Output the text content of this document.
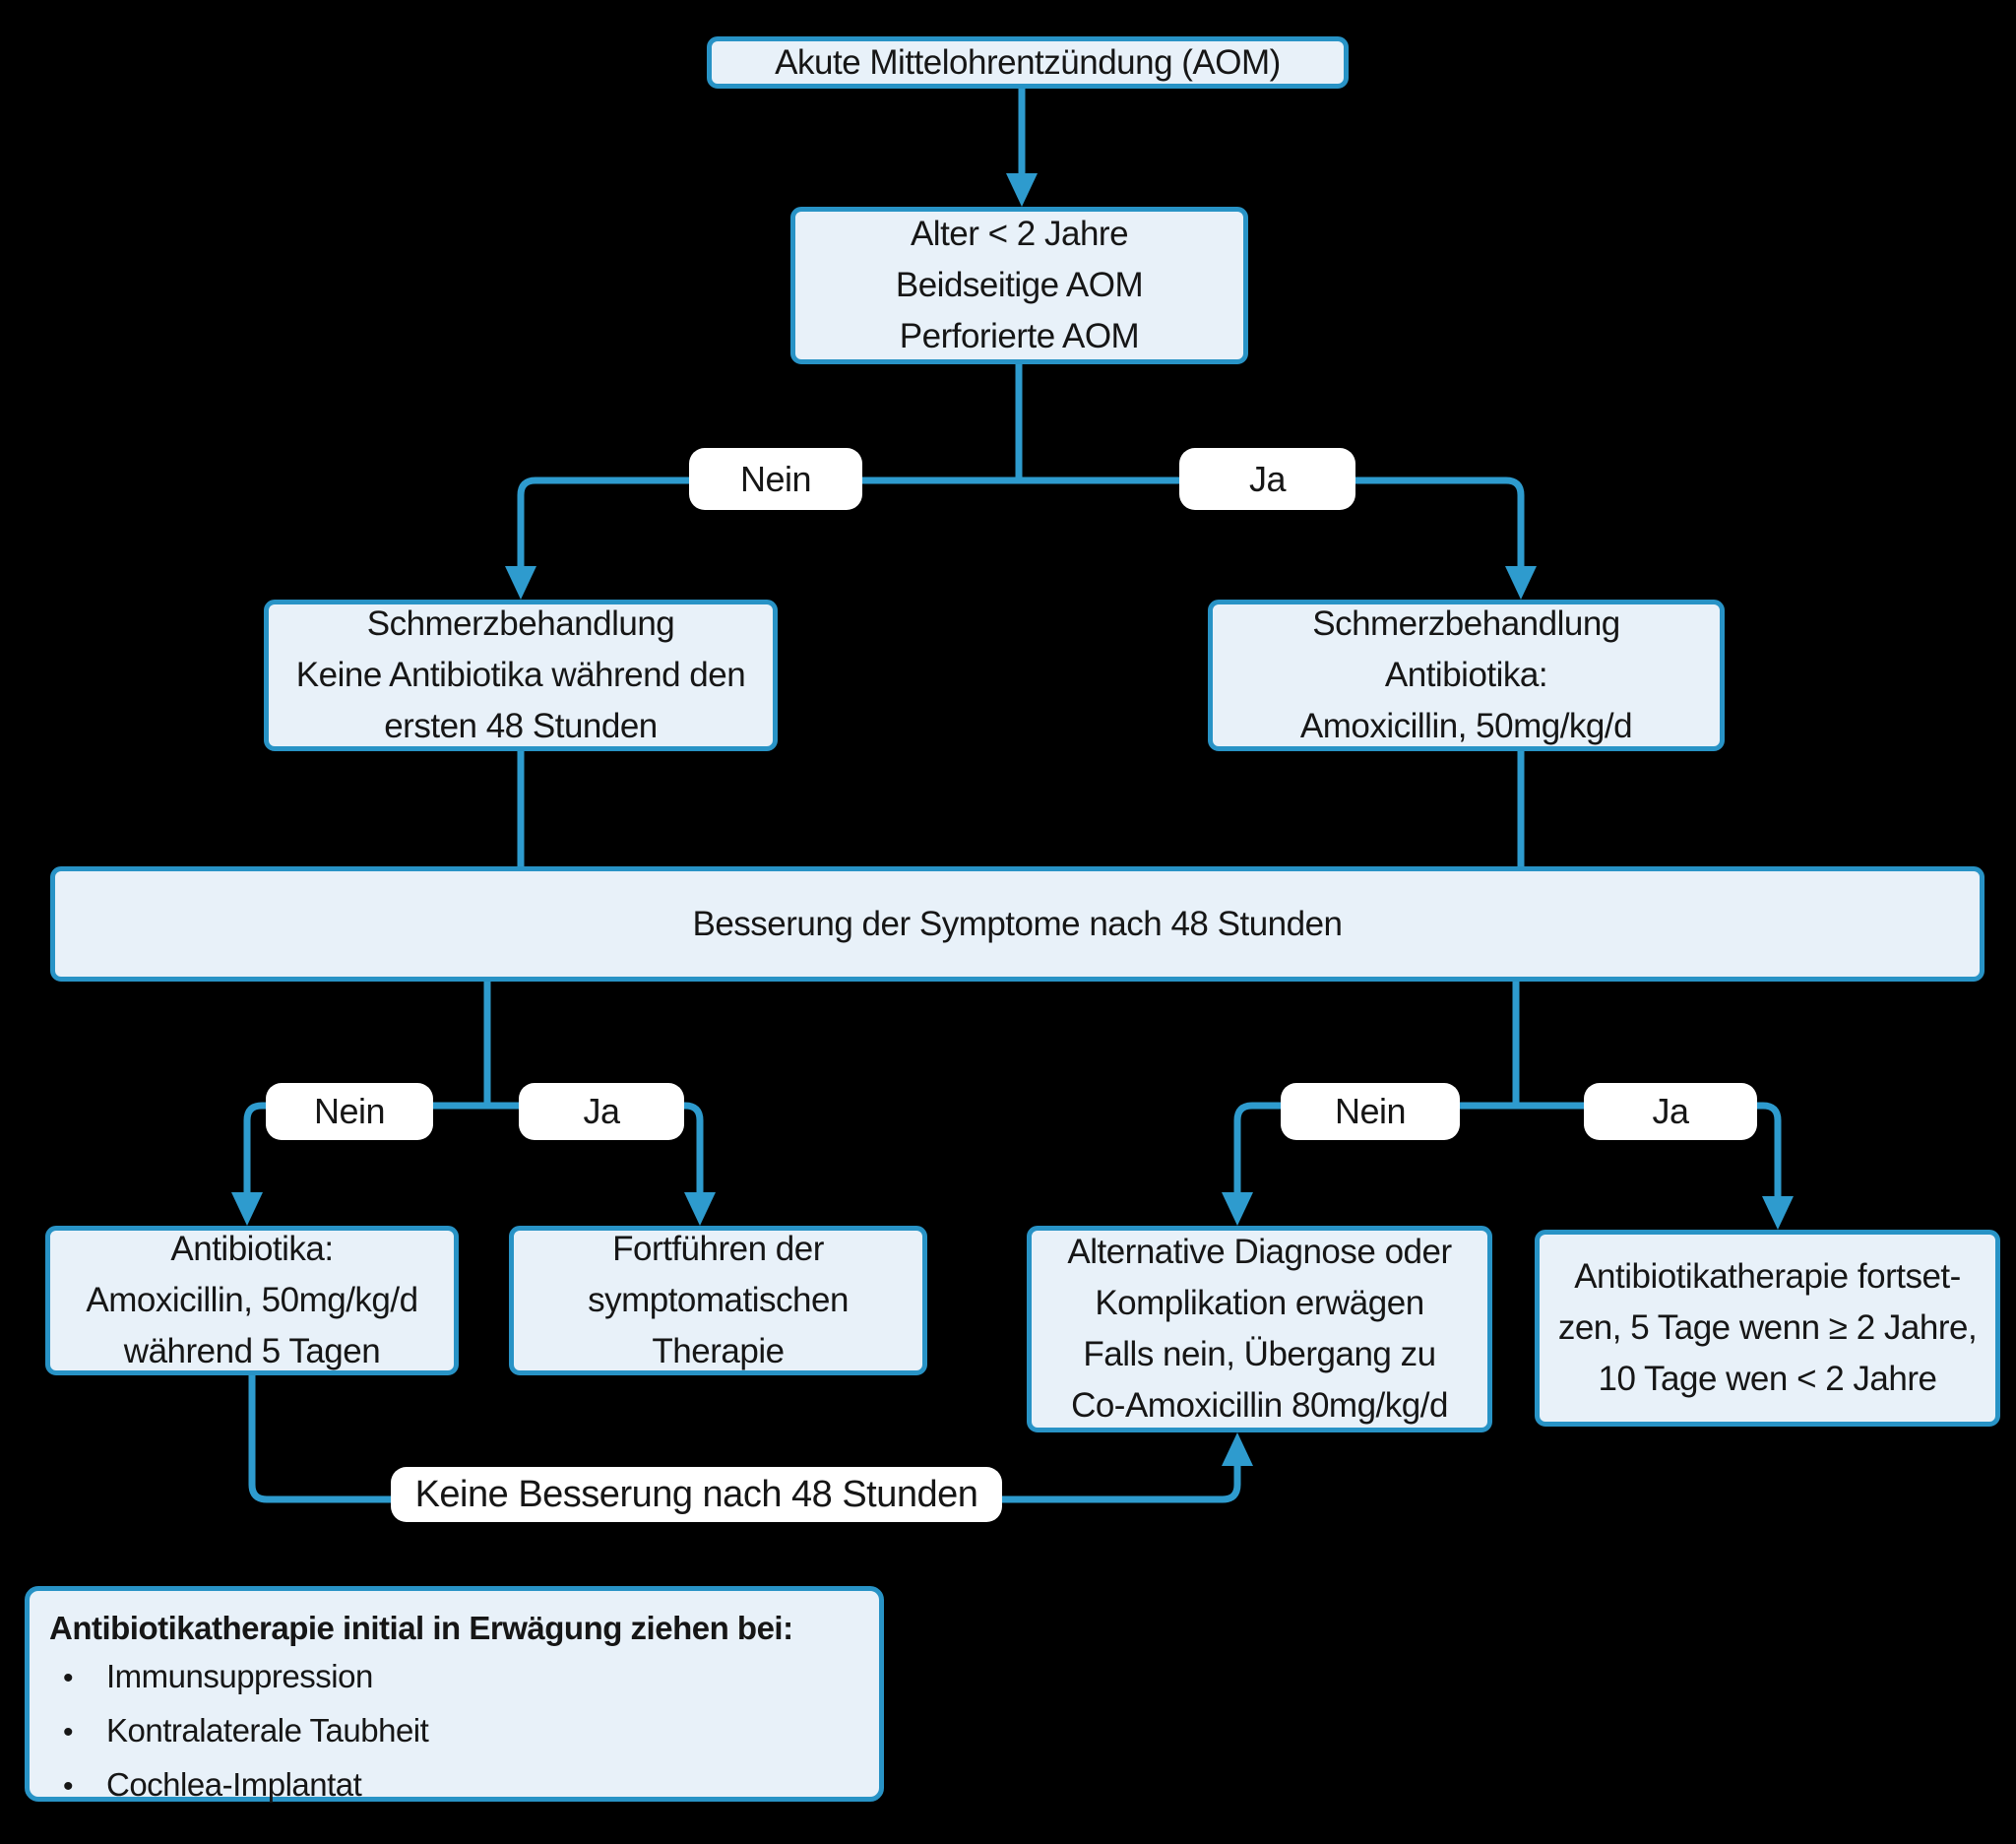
Akute Mittelohrentzündung (AOM)
Alter < 2 Jahre
Beidseitige AOM
Perforierte AOM
Nein	Ja
Schmerzbehandlung
Keine Antibiotika während den
ersten 48 Stunden
Schmerzbehandlung
Antibiotika:
Amoxicillin, 50mg/kg/d
Besserung der Symptome nach 48 Stunden
Nein	Ja	Nein	Ja
Antibiotika:
Amoxicillin, 50mg/kg/d
während 5 Tagen
Fortführen der
symptomatischen
Therapie
Alternative Diagnose oder
Komplikation erwägen
Falls nein, Übergang zu
Co-Amoxicillin 80mg/kg/d
Antibiotikatherapie fortset-
zen, 5 Tage wenn ≥ 2 Jahre,
10 Tage wen < 2 Jahre
Keine Besserung nach 48 Stunden
Antibiotikatherapie initial in Erwägung ziehen bei:
•	Immunsuppression
•	Kontralaterale Taubheit
•	Cochlea-Implantat
